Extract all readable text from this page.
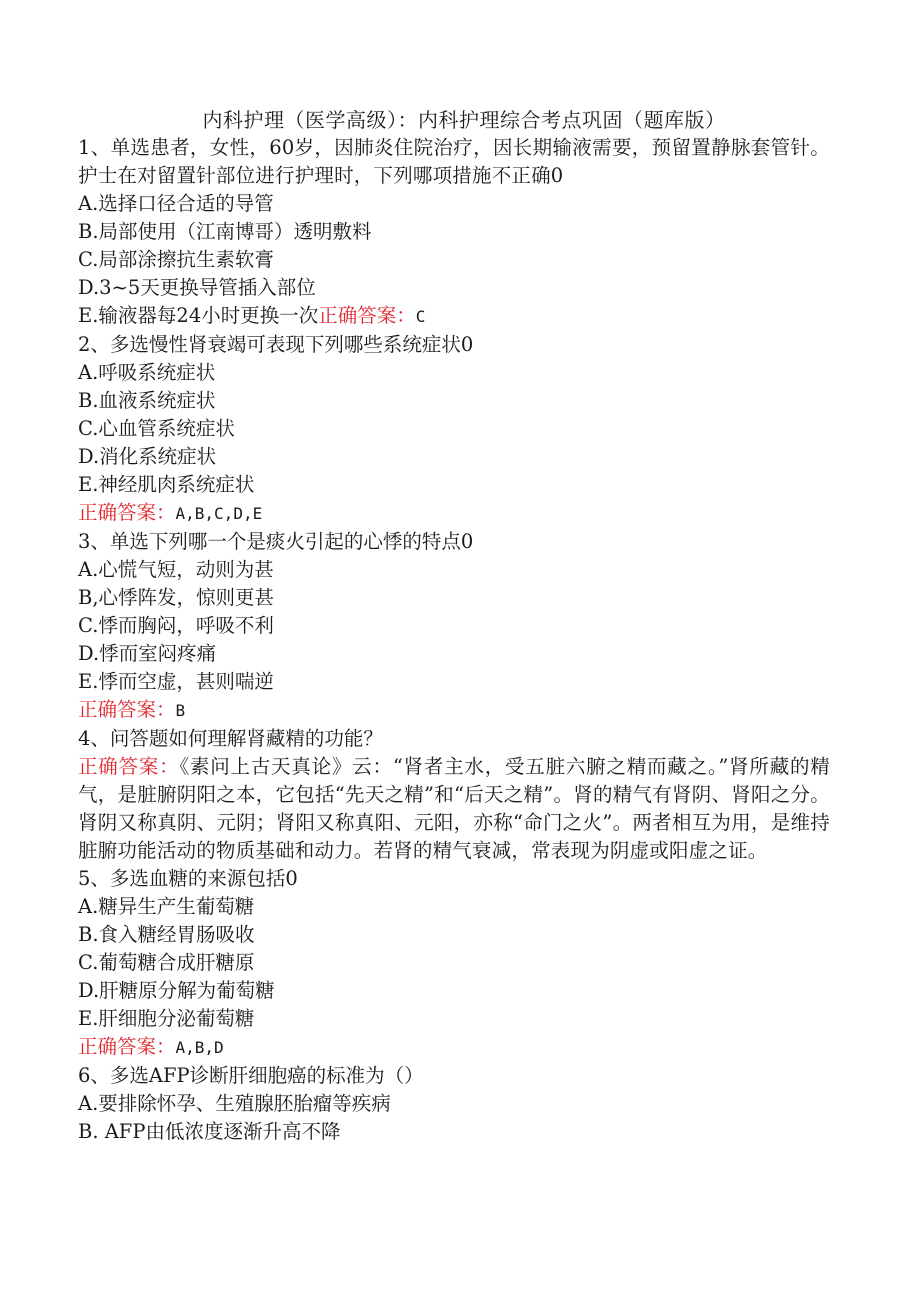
内科护理（医学高级）：内科护理综合考点巩固（题库版）

1、单选患者，女性，60岁，因肺炎住院治疗，因长期输液需要，预留置静脉套管针。护士在对留置针部位进行护理时，下列哪项措施不正确0

A.选择口径合适的导管

B.局部使用（江南博哥）透明敷料

C.局部涂擦抗生素软膏

D.3~5天更换导管插入部位

E.输液器每24小时更换一次正确答案：C

2、多选慢性肾衰竭可表现下列哪些系统症状0

A.呼吸系统症状

B.血液系统症状

C.心血管系统症状

D.消化系统症状

E.神经肌肉系统症状

正确答案：A,B,C,D,E

3、单选下列哪一个是痰火引起的心悸的特点0

A.心慌气短，动则为甚

B,心悸阵发，惊则更甚

C.悸而胸闷，呼吸不利

D.悸而室闷疼痛

E.悸而空虚，甚则喘逆

正确答案：B

4、问答题如何理解肾藏精的功能？

正确答案：《素问上古天真论》云：“肾者主水，受五脏六腑之精而藏之。”肾所藏的精气，是脏腑阴阳之本，它包括“先天之精”和“后天之精”。肾的精气有肾阴、肾阳之分。肾阴又称真阴、元阴；肾阳又称真阳、元阳，亦称“命门之火”。两者相互为用，是维持脏腑功能活动的物质基础和动力。若肾的精气衰减，常表现为阴虚或阳虚之证。

5、多选血糖的来源包括0

A.糖异生产生葡萄糖

B.食入糖经胃肠吸收

C.葡萄糖合成肝糖原

D.肝糖原分解为葡萄糖

E.肝细胞分泌葡萄糖

正确答案：A,B,D

6、多选AFP诊断肝细胞癌的标准为（）

A.要排除怀孕、生殖腺胚胎瘤等疾病

B. AFP由低浓度逐渐升高不降
